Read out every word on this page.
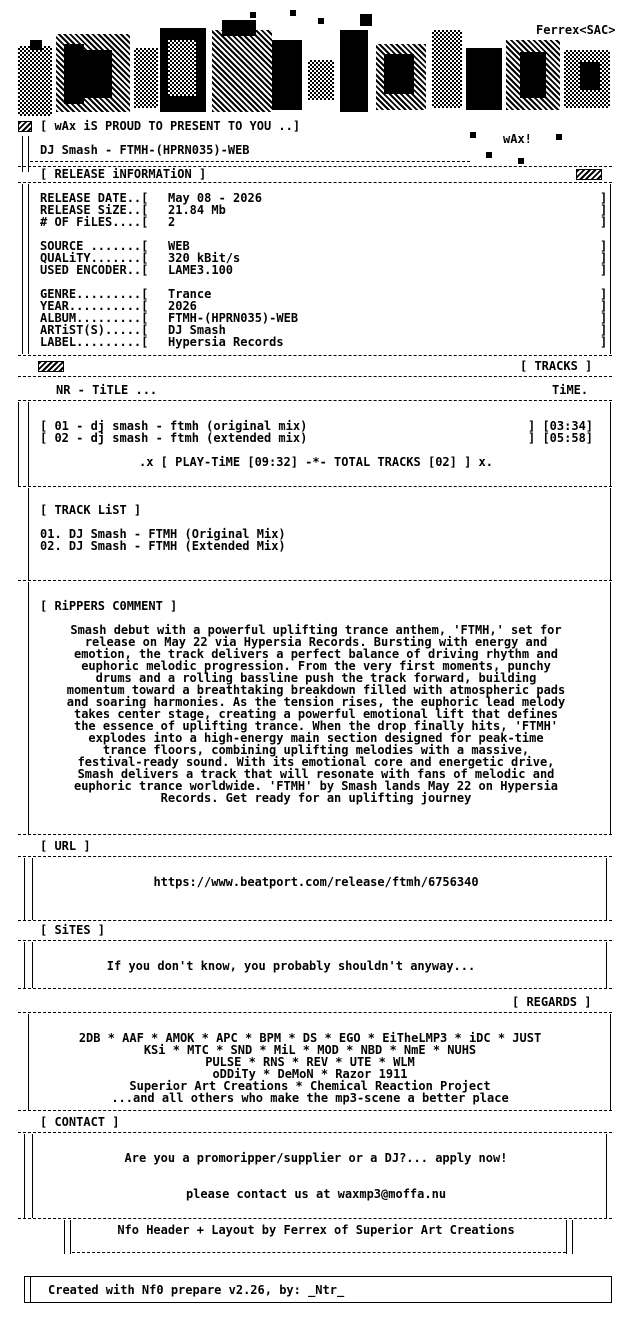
Ferrex<SAC>
wAx!
[ wAx iS PROUD TO PRESENT TO YOU ..]
DJ Smash - FTMH-(HPRN035)-WEB
[ RELEASE iNFORMATiON ]
RELEASE DATE..[ May 08 - 2026	]
RELEASE SiZE..[ 21.84 Mb	]
# OF FiLES....[ 2	]
SOURCE .......[ WEB	]
QUALiTY.......[ 320 kBit/s	]
USED ENCODER..[ LAME3.100	]
GENRE.........[ Trance	]
YEAR..........[ 2026	]
ALBUM.........[ FTMH-(HPRN035)-WEB	]
ARTiST(S).....[ DJ Smash	]
LABEL.........[ Hypersia Records	]
[ TRACKS ]
NR - TiTLE ...	TiME.
[ 01 - dj smash - ftmh (original mix)	] [03:34]
[ 02 - dj smash - ftmh (extended mix)	] [05:58]
.x [ PLAY-TiME [09:32] -*- TOTAL TRACKS [02] ] x.
[ TRACK LiST ]
01. DJ Smash - FTMH (Original Mix)
02. DJ Smash - FTMH (Extended Mix)
[ RiPPERS C0MMENT ]
Smash debut with a powerful uplifting trance anthem, 'FTMH,' set for
release on May 22 via Hypersia Records. Bursting with energy and
emotion, the track delivers a perfect balance of driving rhythm and
euphoric melodic progression. From the very first moments, punchy
drums and a rolling bassline push the track forward, building
momentum toward a breathtaking breakdown filled with atmospheric pads
and soaring harmonies. As the tension rises, the euphoric lead melody
takes center stage, creating a powerful emotional lift that defines
the essence of uplifting trance. When the drop finally hits, 'FTMH'
explodes into a high-energy main section designed for peak-time
trance floors, combining uplifting melodies with a massive,
festival-ready sound. With its emotional core and energetic drive,
Smash delivers a track that will resonate with fans of melodic and
euphoric trance worldwide. 'FTMH' by Smash lands May 22 on Hypersia
Records. Get ready for an uplifting journey
[ URL ]
https://www.beatport.com/release/ftmh/6756340
[ SiTES ]
If you don't know, you probably shouldn't anyway...
[ REGARDS ]
2DB * AAF * AMOK * APC * BPM * DS * EGO * EiTheLMP3 * iDC * JUST
KSi * MTC * SND * MiL * MOD * NBD * NmE * NUHS
PULSE * RNS * REV * UTE * WLM
oDDiTy * DeMoN * Razor 1911
Superior Art Creations * Chemical Reaction Project
...and all others who make the mp3-scene a better place
[ CONTACT ]
Are you a promoripper/supplier or a DJ?... apply now!
please contact us at waxmp3@moffa.nu
Nfo Header + Layout by Ferrex of Superior Art Creations
Created with Nf0 prepare v2.26, by: _Ntr_
